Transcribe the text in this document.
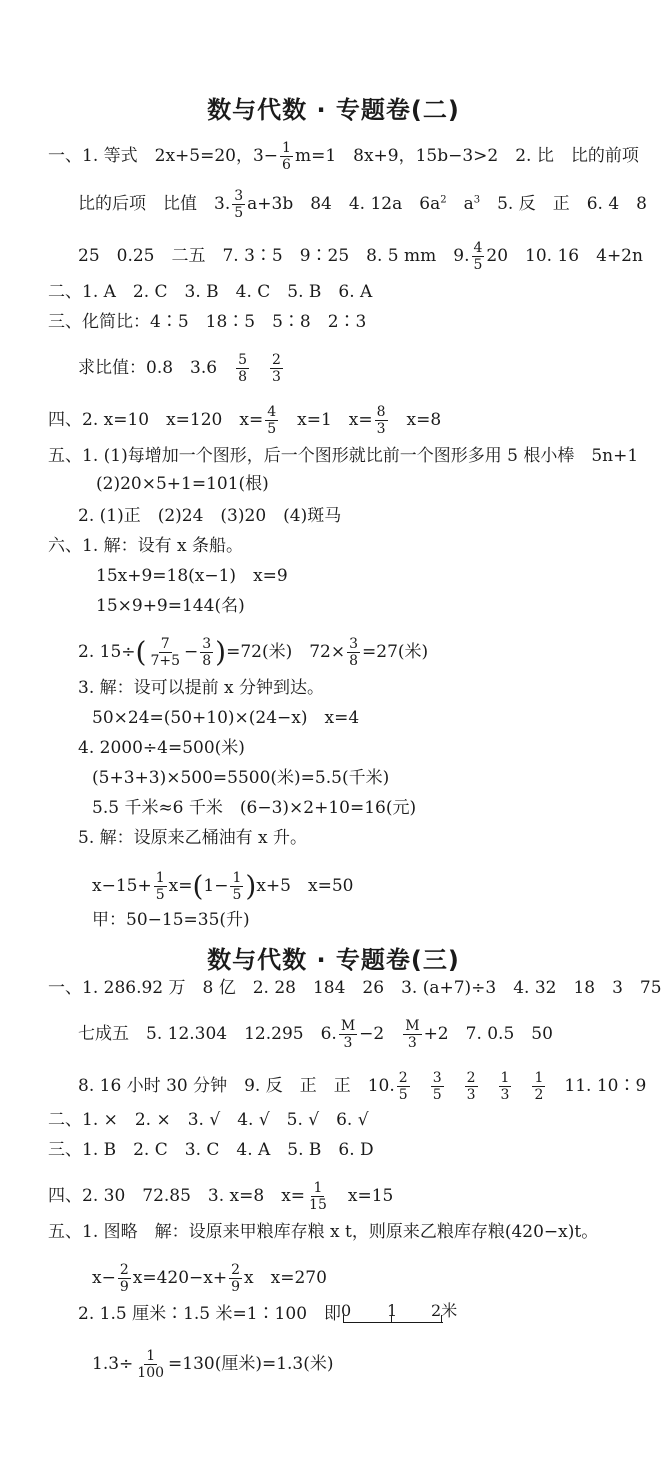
数与代数 · 专题卷(二)
一、1. 等式　2x+5=20，$3- \frac{1}{6} m=1$　8x+9，15b−3>2　2. 比　比的前项
比的后项　比值　3. $\frac{3}{5} a+3b$　84　4. 12a　$6a^2$　$a^3$　5. 反　正　6. 4　8
25　0.25　二五　7. 3∶5　9∶25　8. 5 mm　9. $\frac{4}{5} 20$　10. 16　4+2n
二、1. A　2. C　3. B　4. C　5. B　6. A
三、化简比：4∶5　18∶5　5∶8　2∶3
求比值：0.8　3.6　 $\frac{5}{8}$
　 $\frac{2}{3}$
四、2. x=10　x=120　$x= \frac{4}{5}$
　 x=1　$x= \frac{8}{3}$
　 x=8
五、1. (1)每增加一个图形，后一个图形就比前一个图形多用 5 根小棒　5n+1
(2)20×5+1=101(根)
2. (1)正　(2)24　(3)20　(4)斑马
六、1. 解：设有 x 条船。
15x+9=18(x−1)　x=9
15×9+9=144(名)
2. $15\div( \frac{7}{7+5} - \frac{3}{8} )=72$(米)　$72\times \frac{3}{8} =27$(米)
3. 解：设可以提前 x 分钟到达。
50×24=(50+10)×(24−x)　x=4
4. 2000÷4=500(米)
(5+3+3)×500=5500(米)=5.5(千米)
5.5 千米≈6 千米　(6−3)×2+10=16(元)
5. 解：设原来乙桶油有 x 升。
$x-15+ \frac{1}{5} x=(1- \frac{1}{5} )x+5$　x=50
甲：50−15=35(升)
数与代数 · 专题卷(三)
一、1. 286.92 万　8 亿　2. 28　184　26　3. (a+7)÷3　4. 32　18　3　75
七成五　5. 12.304　12.295　6. $\frac{M}{3} -2$　 $\frac{M}{3} +2$　7. 0.5　50
8. 16 小时 30 分钟　9. 反　正　正　10. $\frac{2}{5}$
　 $\frac{3}{5}$
　 $\frac{2}{3}$
　 $\frac{1}{3}$
　 $\frac{1}{2}$
　 11. 10∶9
二、1. ×　2. ×　3. √　4. √　5. √　6. √
三、1. B　2. C　3. C　4. A　5. B　6. D
四、2. 30　72.85　3. x=8　$x= \frac{1}{15}$
　 x=15
五、1. 图略　解：设原来甲粮库存粮 x t，则原来乙粮库存粮(420−x)t。
$x- \frac{2}{9} x=420-x+ \frac{2}{9}$ x　x=270
2. 1.5 厘米∶1.5 米=1∶100　即 0 1 2米
$1.3\div \frac{1}{100} =130$(厘米)=1.3(米)
